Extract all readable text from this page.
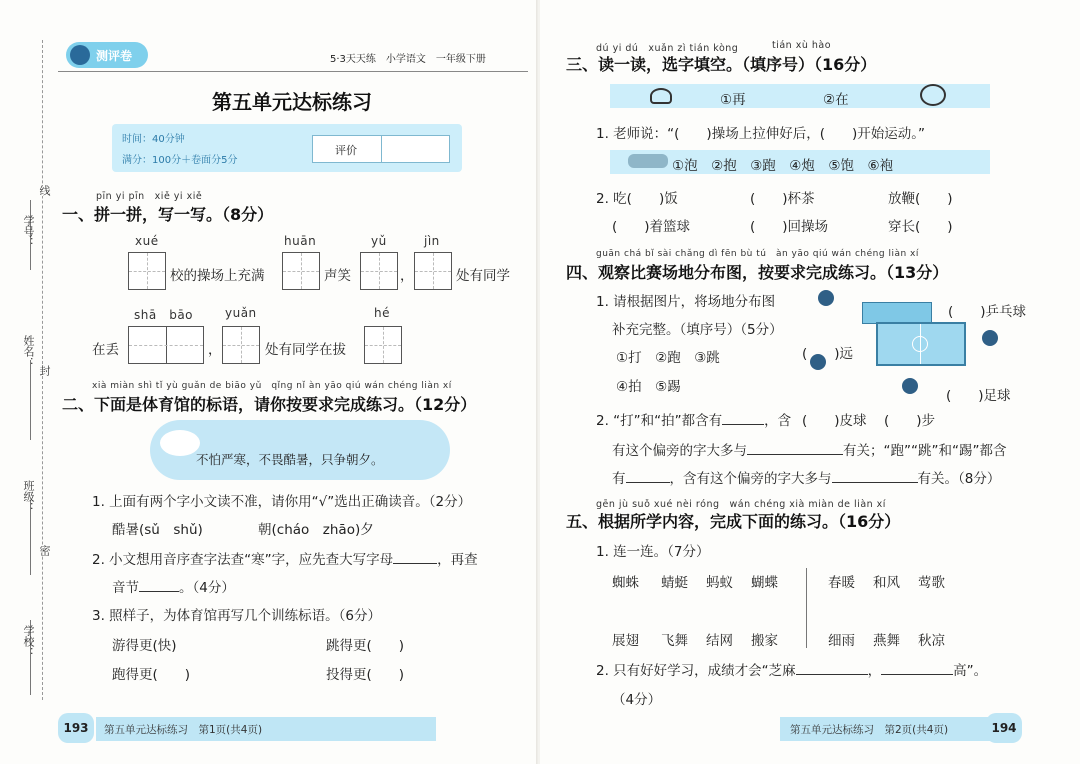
学号：
姓名：
班级：
学校：
线
封
密
测评卷	5·3天天练　小学语文　一年级下册
第五单元达标练习
时间：40分钟
满分：100分＋卷面分5分
评价
pīn yi pīn　xiě yi xiě
一、拼一拼，写一写。（8分）
xué	huān	yǔ	jìn
校的操场上充满	声笑	，	处有同学
shā　bāo	yuǎn	hé
在丢	，	处有同学在拔
xià miàn shì tǐ yù guǎn de biāo yǔ　qǐng nǐ àn yāo qiú wán chéng liàn xí
二、下面是体育馆的标语，请你按要求完成练习。（12分）
不怕严寒，不畏酷暑，只争朝夕。
1. 上面有两个字小文读不准，请你用“√”选出正确读音。（2分）
酷暑(sǔ　shǔ)	朝(cháo　zhāo)夕
2. 小文想用音序查字法查“寒”字，应先查大写字母	，再查
音节	。（4分）
3. 照样子，为体育馆再写几个训练标语。（6分）
游得更(快)	跳得更(　　)
跑得更(　　)	投得更(　　)
193	第五单元达标练习　第1页(共4页)
dú yi dú　xuǎn zì tián kòng	tián xù hào
三、读一读，选字填空。（填序号）（16分）
①再	②在
1. 老师说：“(　　)操场上拉伸好后，(　　)开始运动。”
①泡　②抱　③跑　④炮　⑤饱　⑥袍
2. 吃(　　)饭	(　　)杯茶	放鞭(　　)
(　　)着篮球	(　　)回操场	穿长(　　)
guān chá bǐ sài chǎng dì fēn bù tú　àn yāo qiú wán chéng liàn xí
四、观察比赛场地分布图，按要求完成练习。（13分）
1. 请根据图片，将场地分布图
补充完整。（填序号）（5分）
①打　②跑　③跳
④拍　⑤踢
(　　)乒乓球
(　　)远
(　　)足球
(　　)皮球 (　　)步
2. “打”和“拍”都含有	，含
有这个偏旁的字大多与	有关；“跑”“跳”和“踢”都含
有	，含有这个偏旁的字大多与	有关。（8分）
gēn jù suǒ xué nèi róng　wán chéng xià miàn de liàn xí
五、根据所学内容，完成下面的练习。（16分）
1. 连一连。（7分）
蜘蛛 蜻蜓 蚂蚁 蝴蝶	春暖 和风 莺歌
展翅 飞舞 结网 搬家	细雨 燕舞 秋凉
2. 只有好好学习，成绩才会“芝麻	，	高”。
（4分）
194
第五单元达标练习　第2页(共4页)
